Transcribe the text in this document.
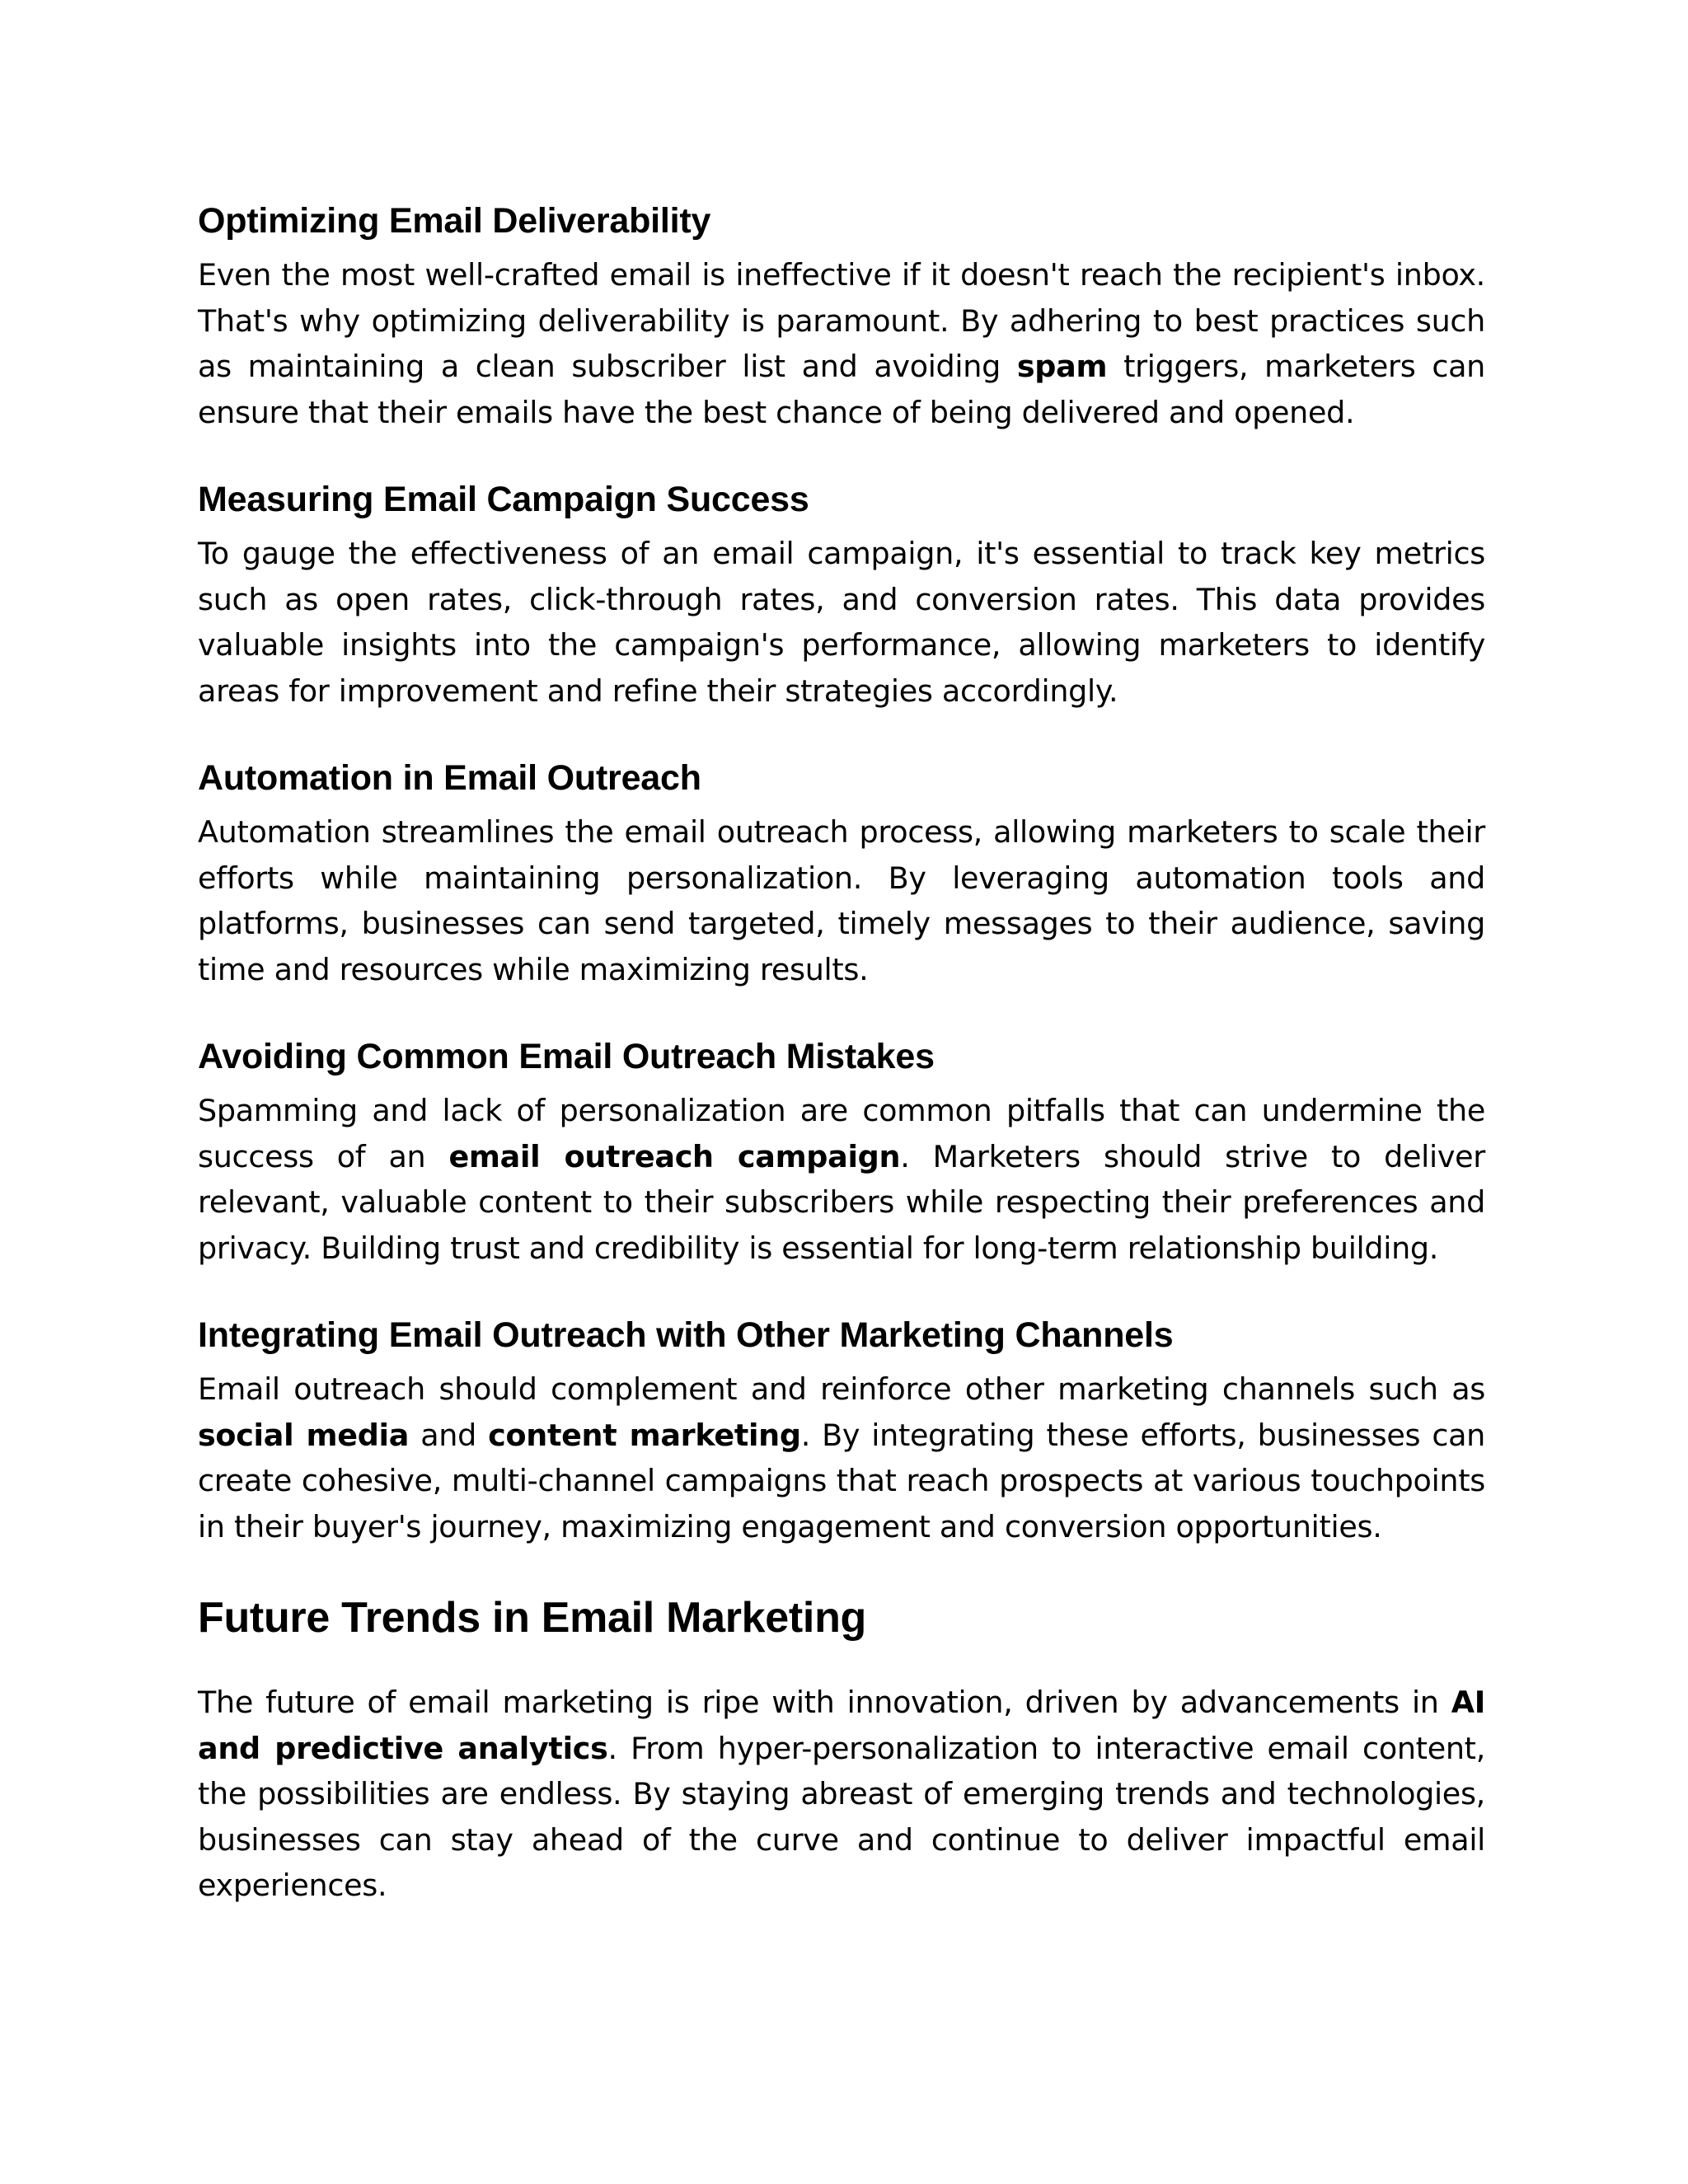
Optimizing Email Deliverability

Even the most well-crafted email is ineffective if it doesn't reach the recipient's inbox. That's why optimizing deliverability is paramount. By adhering to best practices such as maintaining a clean subscriber list and avoiding spam triggers, marketers can ensure that their emails have the best chance of being delivered and opened.

Measuring Email Campaign Success

To gauge the effectiveness of an email campaign, it's essential to track key metrics such as open rates, click-through rates, and conversion rates. This data provides valuable insights into the campaign's performance, allowing marketers to identify areas for improvement and refine their strategies accordingly.

Automation in Email Outreach

Automation streamlines the email outreach process, allowing marketers to scale their efforts while maintaining personalization. By leveraging automation tools and platforms, businesses can send targeted, timely messages to their audience, saving time and resources while maximizing results.

Avoiding Common Email Outreach Mistakes

Spamming and lack of personalization are common pitfalls that can undermine the success of an email outreach campaign. Marketers should strive to deliver relevant, valuable content to their subscribers while respecting their preferences and privacy. Building trust and credibility is essential for long-term relationship building.

Integrating Email Outreach with Other Marketing Channels

Email outreach should complement and reinforce other marketing channels such as social media and content marketing. By integrating these efforts, businesses can create cohesive, multi-channel campaigns that reach prospects at various touchpoints in their buyer's journey, maximizing engagement and conversion opportunities.

Future Trends in Email Marketing

The future of email marketing is ripe with innovation, driven by advancements in AI and predictive analytics. From hyper-personalization to interactive email content, the possibilities are endless. By staying abreast of emerging trends and technologies, businesses can stay ahead of the curve and continue to deliver impactful email experiences.
